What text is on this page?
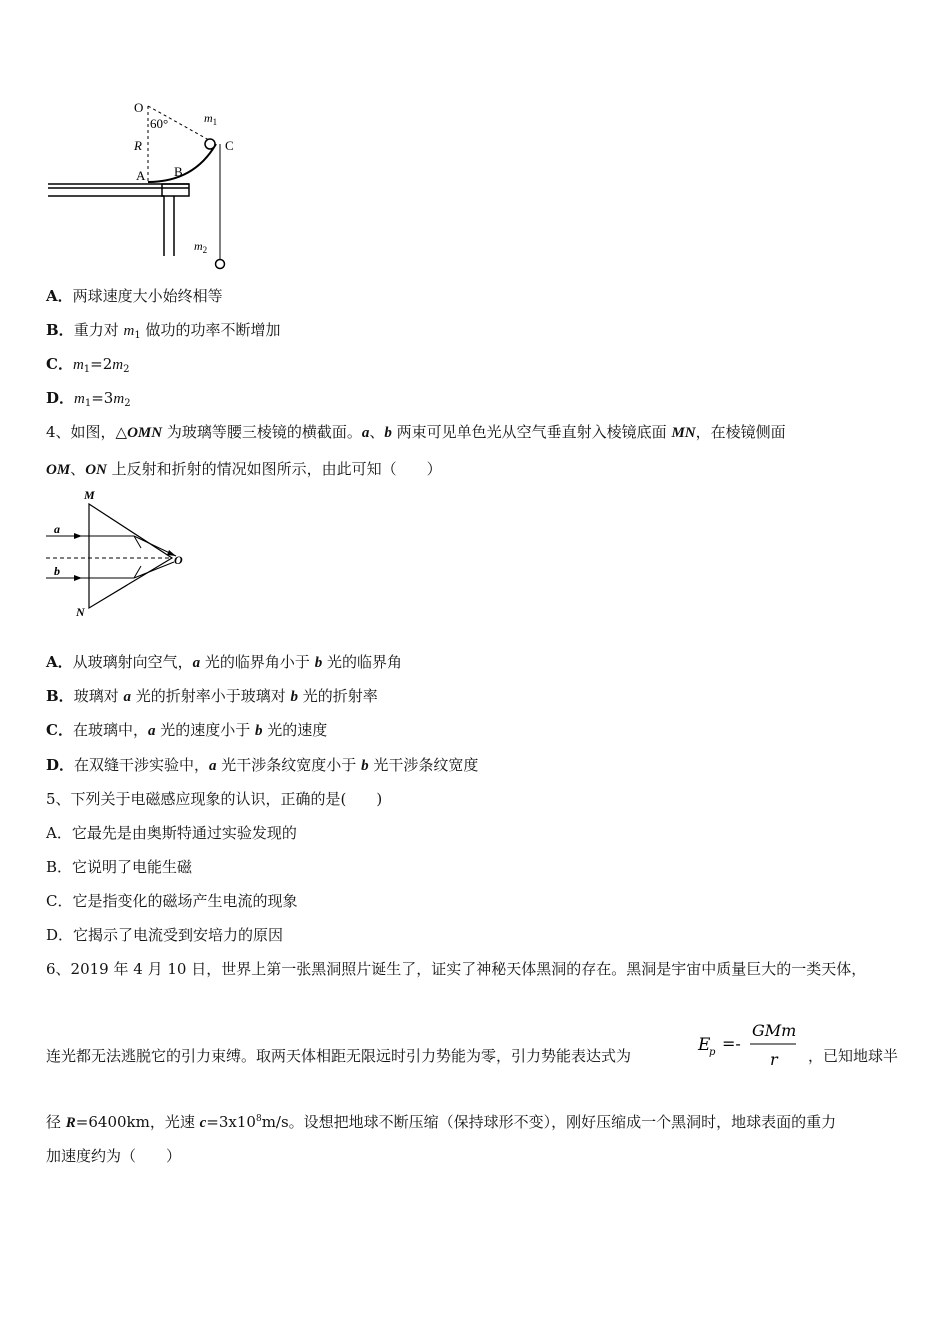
O
60°
R
A B
C
$m_1$
$m_2$
A．两球速度大小始终相等
B．重力对 $m_1$ 做功的功率不断增加
C．$m_1=2m_2$
D．$m_1=3m_2$
4、如图，△OMN 为玻璃等腰三棱镜的横截面。a、b 两束可见单色光从空气垂直射入棱镜底面 MN，在棱镜侧面
OM、ON 上反射和折射的情况如图所示，由此可知（　　）
M
N
O
a
b
A．从玻璃射向空气，a 光的临界角小于 b 光的临界角
B．玻璃对 a 光的折射率小于玻璃对 b 光的折射率
C．在玻璃中，a 光的速度小于 b 光的速度
D．在双缝干涉实验中，a 光干涉条纹宽度小于 b 光干涉条纹宽度
5、下列关于电磁感应现象的认识，正确的是(　　)
A．它最先是由奥斯特通过实验发现的
B．它说明了电能生磁
C．它是指变化的磁场产生电流的现象
D．它揭示了电流受到安培力的原因
6、2019 年 4 月 10 日，世界上第一张黑洞照片诞生了，证实了神秘天体黑洞的存在。黑洞是宇宙中质量巨大的一类天体，
连光都无法逃脱它的引力束缚。取两天体相距无限远时引力势能为零，引力势能表达式为
E
p =-
GMm
r ，已知地球半
径 R=6400km，光速 $c=3x10^8m/s$。设想把地球不断压缩（保持球形不变），刚好压缩成一个黑洞时，地球表面的重力
加速度约为（　　）
